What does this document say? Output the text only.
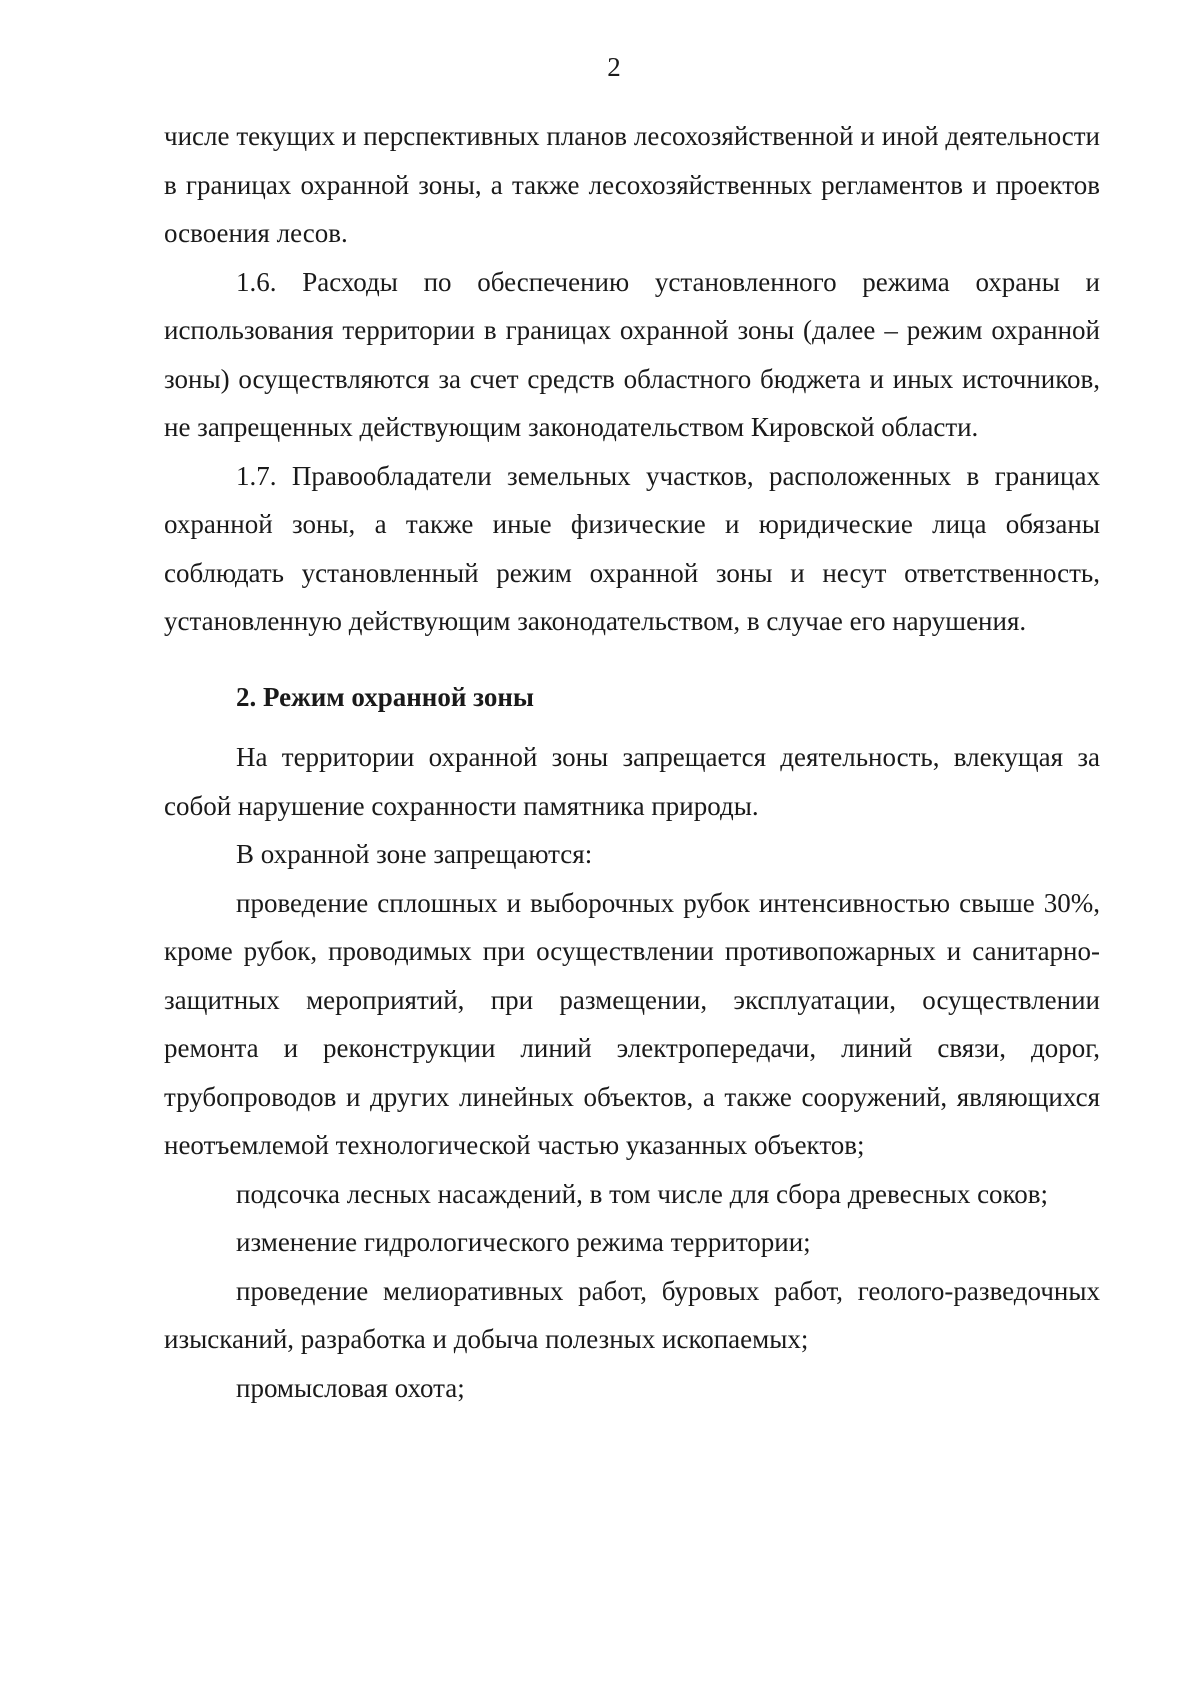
2

числе текущих и перспективных планов лесохозяйственной и иной деятельности в границах охранной зоны, а также лесохозяйственных регламентов и проектов освоения лесов.

1.6. Расходы по обеспечению установленного режима охраны и использования территории в границах охранной зоны (далее – режим охранной зоны) осуществляются за счет средств областного бюджета и иных источников, не запрещенных действующим законодательством Кировской области.

1.7. Правообладатели земельных участков, расположенных в границах охранной зоны, а также иные физические и юридические лица обязаны соблюдать установленный режим охранной зоны и несут ответственность, установленную действующим законодательством, в случае его нарушения.

2. Режим охранной зоны

На территории охранной зоны запрещается деятельность, влекущая за собой нарушение сохранности памятника природы.

В охранной зоне запрещаются:

проведение сплошных и выборочных рубок интенсивностью свыше 30%, кроме рубок, проводимых при осуществлении противопожарных и санитарно-защитных мероприятий, при размещении, эксплуатации, осуществлении ремонта и реконструкции линий электропередачи, линий связи, дорог, трубопроводов и других линейных объектов, а также сооружений, являющихся неотъемлемой технологической частью указанных объектов;

подсочка лесных насаждений, в том числе для сбора древесных соков;

изменение гидрологического режима территории;

проведение мелиоративных работ, буровых работ, геолого-разведочных изысканий, разработка и добыча полезных ископаемых;

промысловая охота;
